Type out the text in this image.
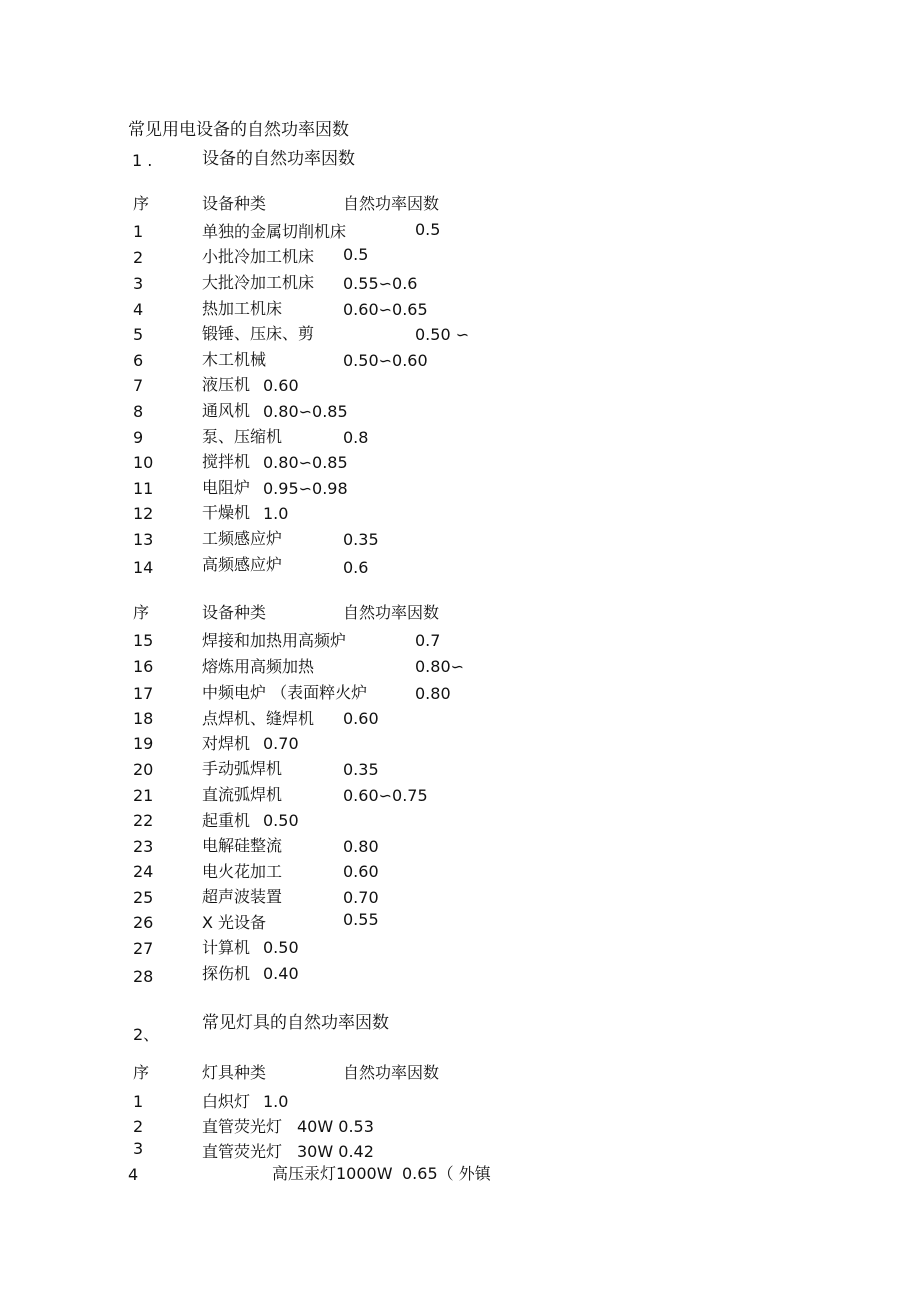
常见用电设备的自然功率因数
1 .	设备的自然功率因数
序	设备种类	自然功率因数
1	单独的金属切削机床	0.5
2	小批冷加工机床 0.5
3	大批冷加工机床 0.55∽0.6
4	热加工机床	0.60∽0.65
5	锻锤、压床、剪	0.50 ∽
6	木工机械	0.50∽0.60
7	液压机 0.60
8	通风机 0.80∽0.85
9	泵、压缩机	0.8
10	搅拌机 0.80∽0.85
11	电阻炉 0.95∽0.98
12	干燥机 1.0
13	工频感应炉	0.35
14	高频感应炉	0.6
序	设备种类	自然功率因数
15	焊接和加热用高频炉	0.7
16	熔炼用高频加热	0.80∽
17	中频电炉 （表面粹火炉	0.80
18	点焊机、缝焊机 0.60
19	对焊机 0.70
20	手动弧焊机	0.35
21	直流弧焊机	0.60∽0.75
22	起重机 0.50
23	电解硅整流	0.80
24	电火花加工	0.60
25	超声波装置	0.70
26	X 光设备	0.55
27	计算机 0.50
28	探伤机 0.40
2、
常见灯具的自然功率因数
序	灯具种类	自然功率因数
1	白炽灯 1.0
2	直管荧光灯 40W 0.53
3	直管荧光灯 30W 0.42
4	高压汞灯1000W 0.65（ 外镇
